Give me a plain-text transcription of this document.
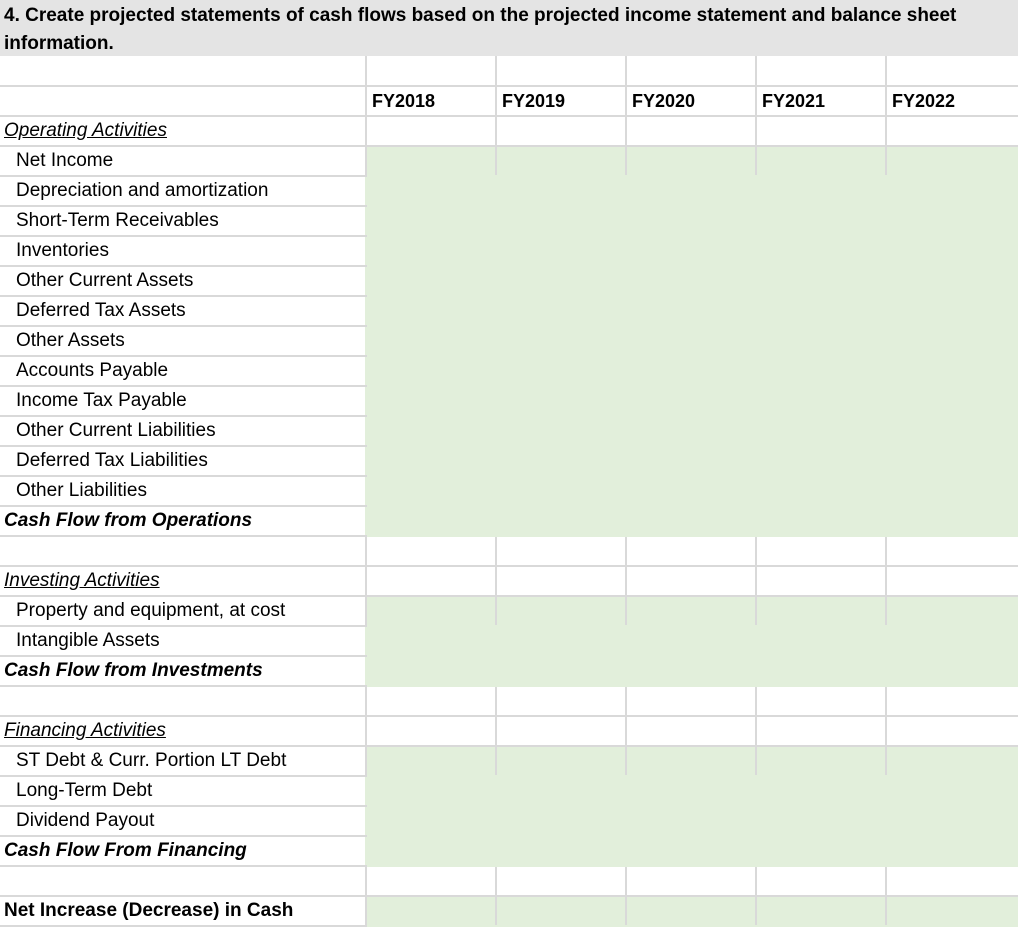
4. Create projected statements of cash flows based on the projected income statement and balance sheet information.

	FY2018	FY2019	FY2020	FY2021	FY2022
Operating Activities					
Net Income					
Depreciation and amortization					
Short-Term Receivables					
Inventories					
Other Current Assets					
Deferred Tax Assets					
Other Assets					
Accounts Payable					
Income Tax Payable					
Other Current Liabilities					
Deferred Tax Liabilities					
Other Liabilities					
Cash Flow from Operations					

Investing Activities					
Property and equipment, at cost					
Intangible Assets					
Cash Flow from Investments					

Financing Activities					
ST Debt & Curr. Portion LT Debt					
Long-Term Debt					
Dividend Payout					
Cash Flow From Financing					

Net Increase (Decrease) in Cash					
